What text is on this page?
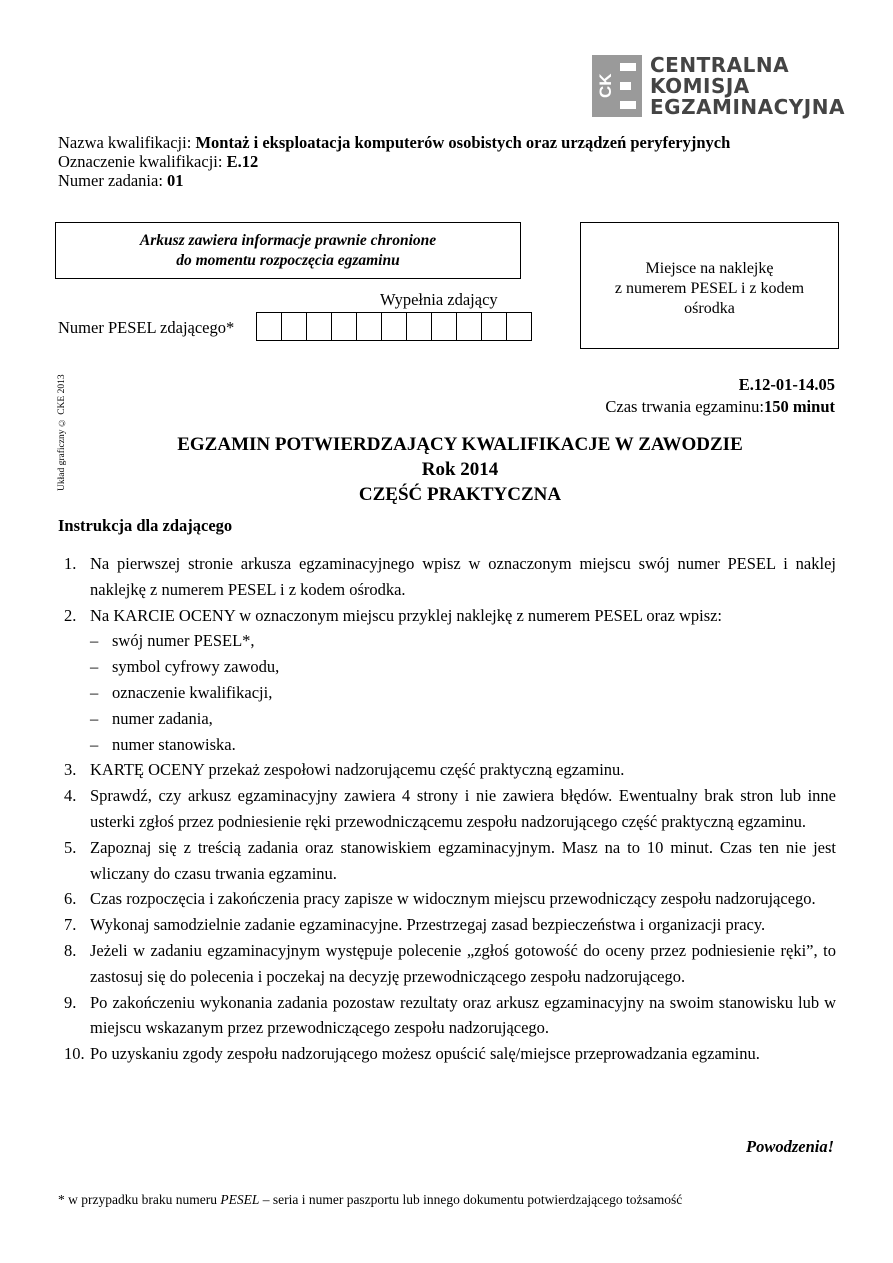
CK
CENTRALNA
KOMISJA
EGZAMINACYJNA
Nazwa kwalifikacji: Montaż i eksploatacja komputerów osobistych oraz urządzeń peryferyjnych
Oznaczenie kwalifikacji: E.12
Numer zadania: 01
Arkusz zawiera informacje prawnie chronione
do momentu rozpoczęcia egzaminu	Miejsce na naklejkę
z numerem PESEL i z kodem
ośrodka
Wypełnia zdający
Numer PESEL zdającego*
Układ graficzny © CKE 2013	E.12-01-14.05
Czas trwania egzaminu:150 minut
EGZAMIN POTWIERDZAJĄCY KWALIFIKACJE W ZAWODZIE
Rok 2014
CZĘŚĆ PRAKTYCZNA
Instrukcja dla zdającego
1. Na pierwszej stronie arkusza egzaminacyjnego wpisz w oznaczonym miejscu swój numer PESEL i naklej naklejkę z numerem PESEL i z kodem ośrodka.
2. Na KARCIE OCENY w oznaczonym miejscu przyklej naklejkę z numerem PESEL oraz wpisz:
– swój numer PESEL*,
– symbol cyfrowy zawodu,
– oznaczenie kwalifikacji,
– numer zadania,
– numer stanowiska.
3. KARTĘ OCENY przekaż zespołowi nadzorującemu część praktyczną egzaminu.
4. Sprawdź, czy arkusz egzaminacyjny zawiera 4 strony i nie zawiera błędów. Ewentualny brak stron lub inne usterki zgłoś przez podniesienie ręki przewodniczącemu zespołu nadzorującego część praktyczną egzaminu.
5. Zapoznaj się z treścią zadania oraz stanowiskiem egzaminacyjnym. Masz na to 10 minut. Czas ten nie jest wliczany do czasu trwania egzaminu.
6. Czas rozpoczęcia i zakończenia pracy zapisze w widocznym miejscu przewodniczący zespołu nadzorującego.
7. Wykonaj samodzielnie zadanie egzaminacyjne. Przestrzegaj zasad bezpieczeństwa i organizacji pracy.
8. Jeżeli w zadaniu egzaminacyjnym występuje polecenie „zgłoś gotowość do oceny przez podniesienie ręki”, to zastosuj się do polecenia i poczekaj na decyzję przewodniczącego zespołu nadzorującego.
9. Po zakończeniu wykonania zadania pozostaw rezultaty oraz arkusz egzaminacyjny na swoim stanowisku lub w miejscu wskazanym przez przewodniczącego zespołu nadzorującego.
10. Po uzyskaniu zgody zespołu nadzorującego możesz opuścić salę/miejsce przeprowadzania egzaminu.
Powodzenia!
* w przypadku braku numeru PESEL – seria i numer paszportu lub innego dokumentu potwierdzającego tożsamość
